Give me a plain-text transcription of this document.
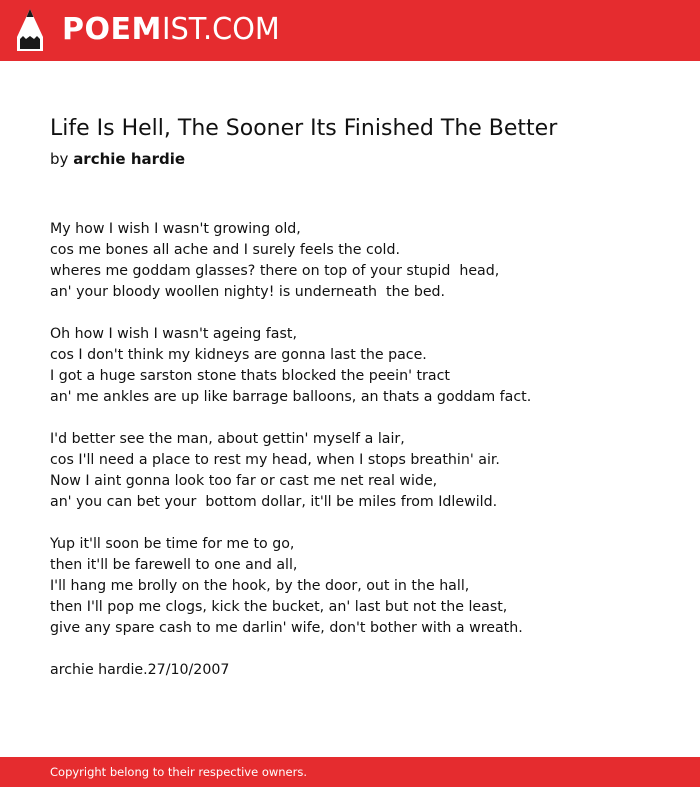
POEMIST.COM
Life Is Hell, The Sooner Its Finished The Better
by archie hardie
My how I wish I wasn't growing old,
cos me bones all ache and I surely feels the cold.
wheres me goddam glasses? there on top of your stupid  head,
an' your bloody woollen nighty! is underneath  the bed.
Oh how I wish I wasn't ageing fast,
cos I don't think my kidneys are gonna last the pace.
I got a huge sarston stone thats blocked the peein' tract
an' me ankles are up like barrage balloons, an thats a goddam fact.
I'd better see the man, about gettin' myself a lair,
cos I'll need a place to rest my head, when I stops breathin' air.
Now I aint gonna look too far or cast me net real wide,
an' you can bet your  bottom dollar, it'll be miles from Idlewild.
Yup it'll soon be time for me to go,
then it'll be farewell to one and all,
I'll hang me brolly on the hook, by the door, out in the hall,
then I'll pop me clogs, kick the bucket, an' last but not the least,
give any spare cash to me darlin' wife, don't bother with a wreath.
archie hardie.27/10/2007
Copyright belong to their respective owners.
